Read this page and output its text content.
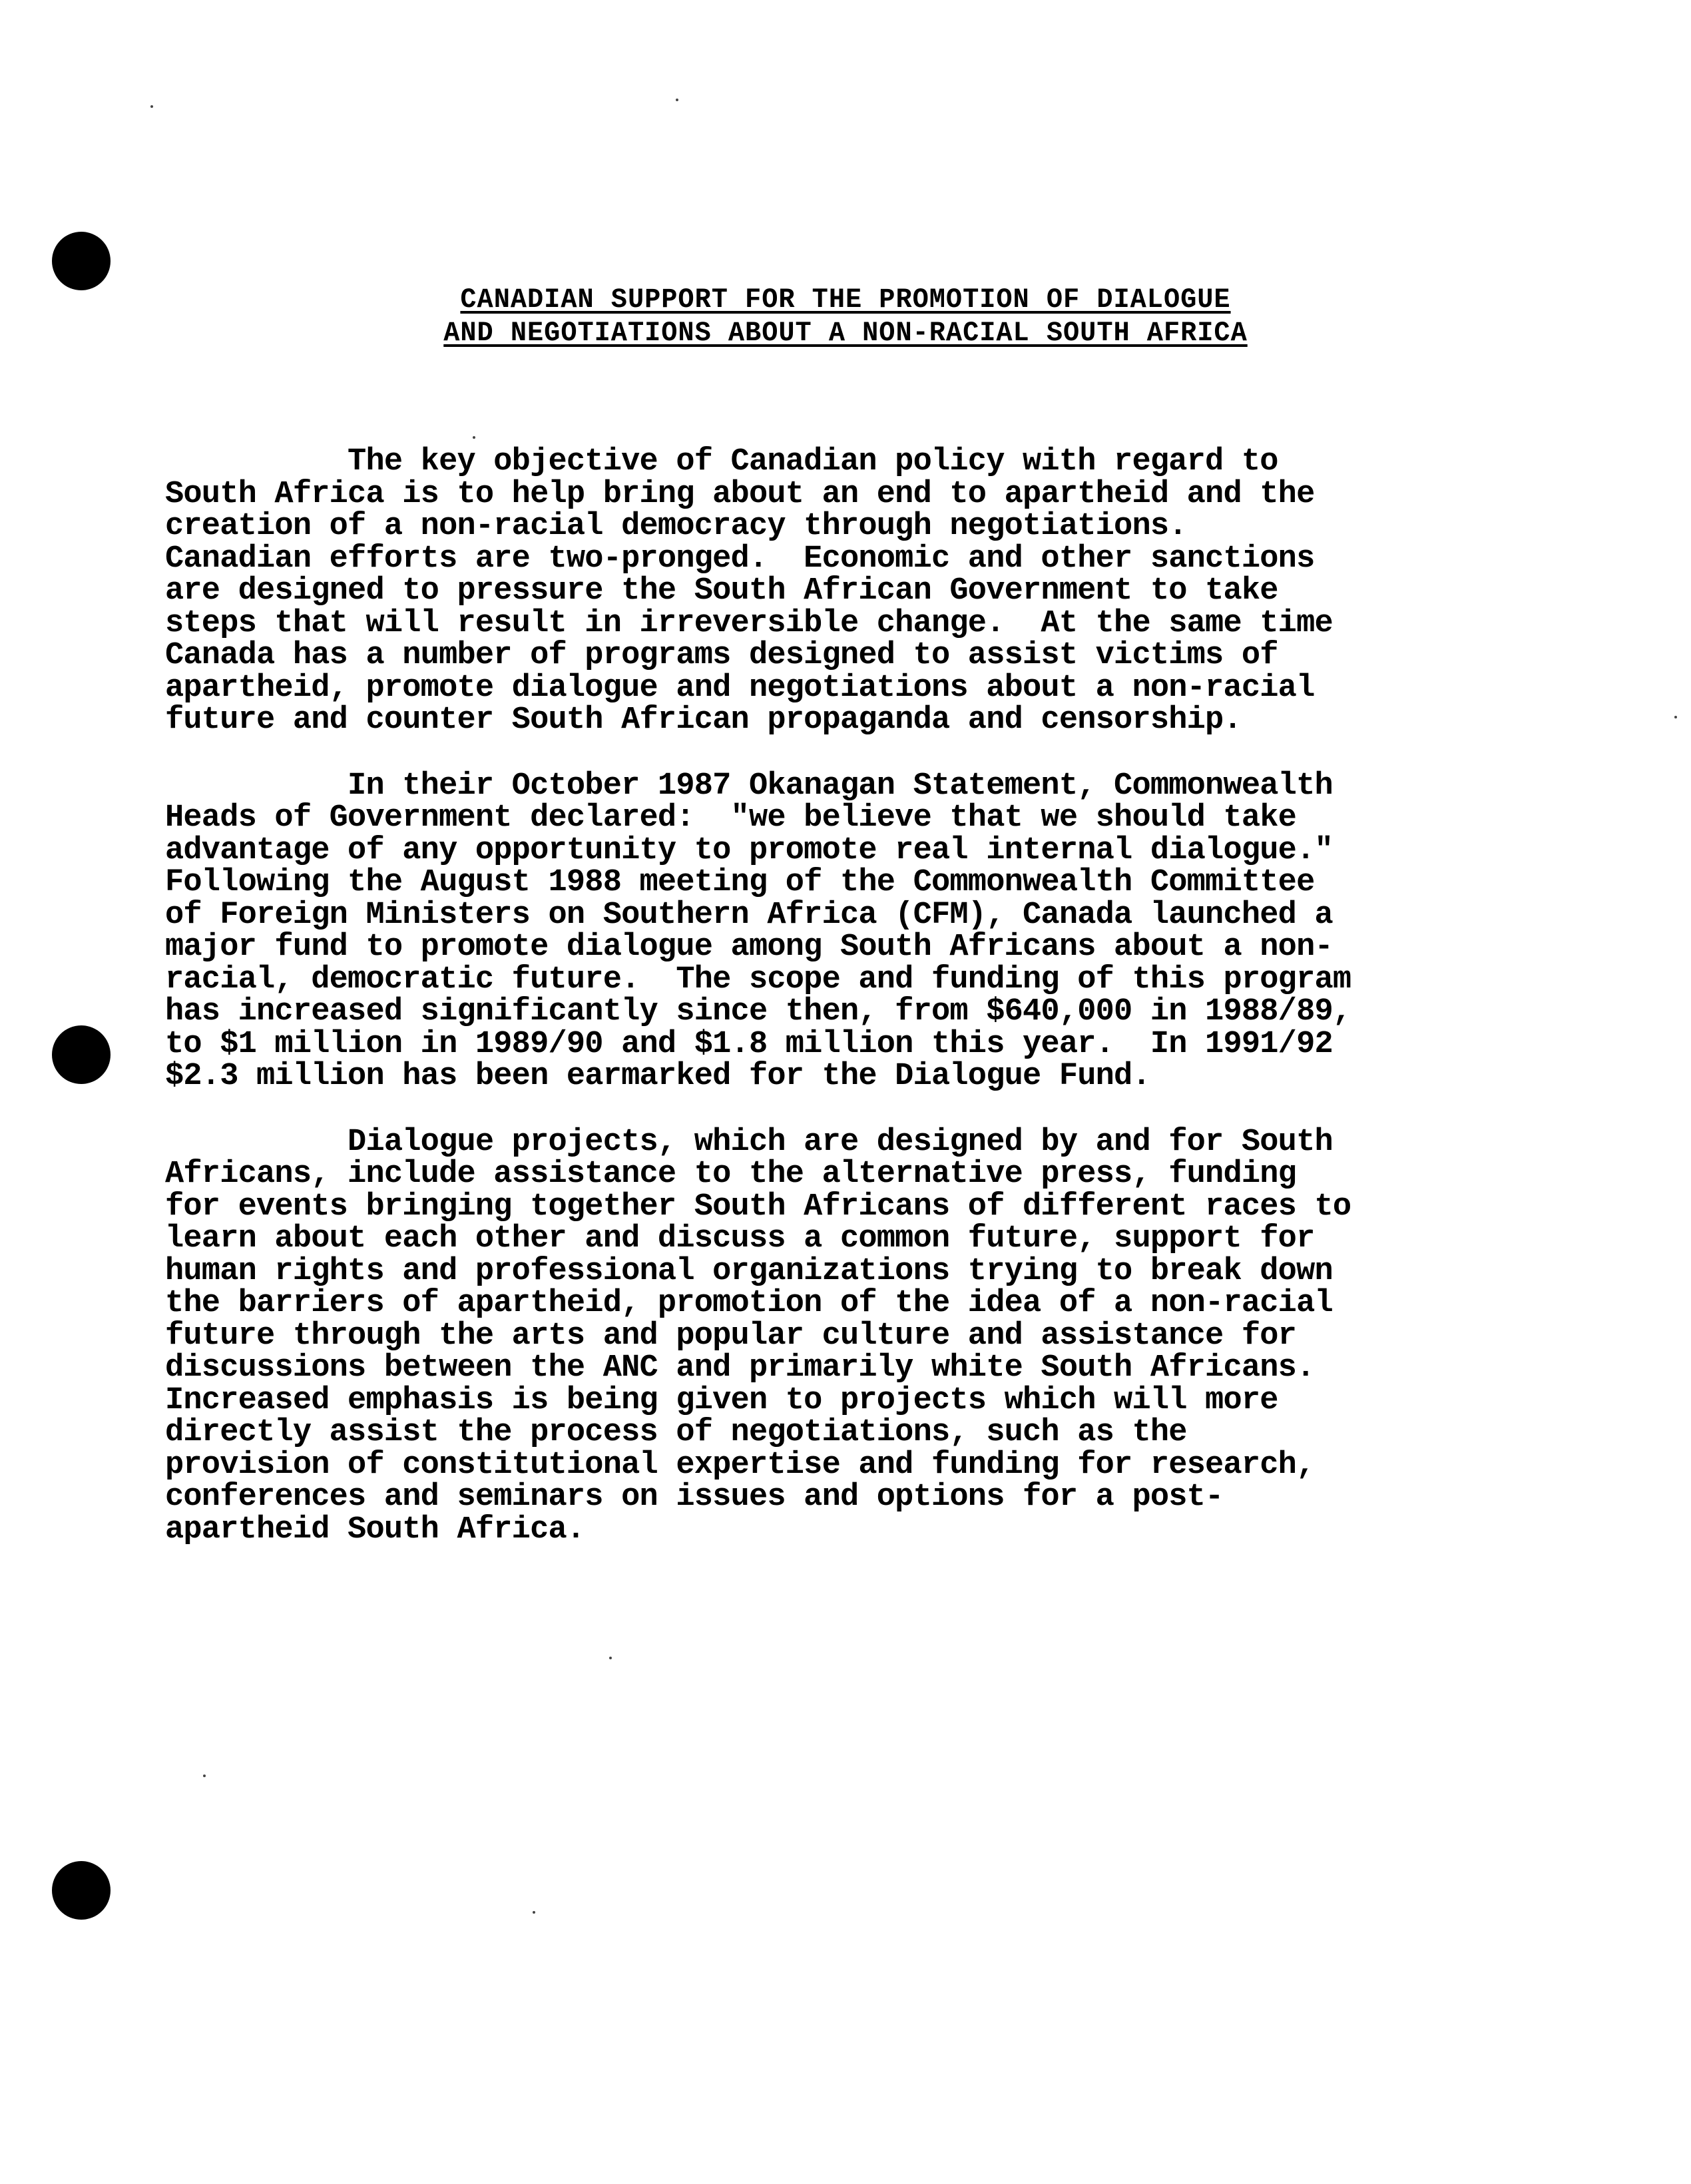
CANADIAN SUPPORT FOR THE PROMOTION OF DIALOGUE
AND NEGOTIATIONS ABOUT A NON-RACIAL SOUTH AFRICA
The key objective of Canadian policy with regard to
South Africa is to help bring about an end to apartheid and the
creation of a non-racial democracy through negotiations.
Canadian efforts are two-pronged.  Economic and other sanctions
are designed to pressure the South African Government to take
steps that will result in irreversible change.  At the same time
Canada has a number of programs designed to assist victims of
apartheid, promote dialogue and negotiations about a non-racial
future and counter South African propaganda and censorship.
In their October 1987 Okanagan Statement, Commonwealth
Heads of Government declared:  "we believe that we should take
advantage of any opportunity to promote real internal dialogue."
Following the August 1988 meeting of the Commonwealth Committee
of Foreign Ministers on Southern Africa (CFM), Canada launched a
major fund to promote dialogue among South Africans about a non-
racial, democratic future.  The scope and funding of this program
has increased significantly since then, from $640,000 in 1988/89,
to $1 million in 1989/90 and $1.8 million this year.  In 1991/92
$2.3 million has been earmarked for the Dialogue Fund.
Dialogue projects, which are designed by and for South
Africans, include assistance to the alternative press, funding
for events bringing together South Africans of different races to
learn about each other and discuss a common future, support for
human rights and professional organizations trying to break down
the barriers of apartheid, promotion of the idea of a non-racial
future through the arts and popular culture and assistance for
discussions between the ANC and primarily white South Africans.
Increased emphasis is being given to projects which will more
directly assist the process of negotiations, such as the
provision of constitutional expertise and funding for research,
conferences and seminars on issues and options for a post-
apartheid South Africa.
